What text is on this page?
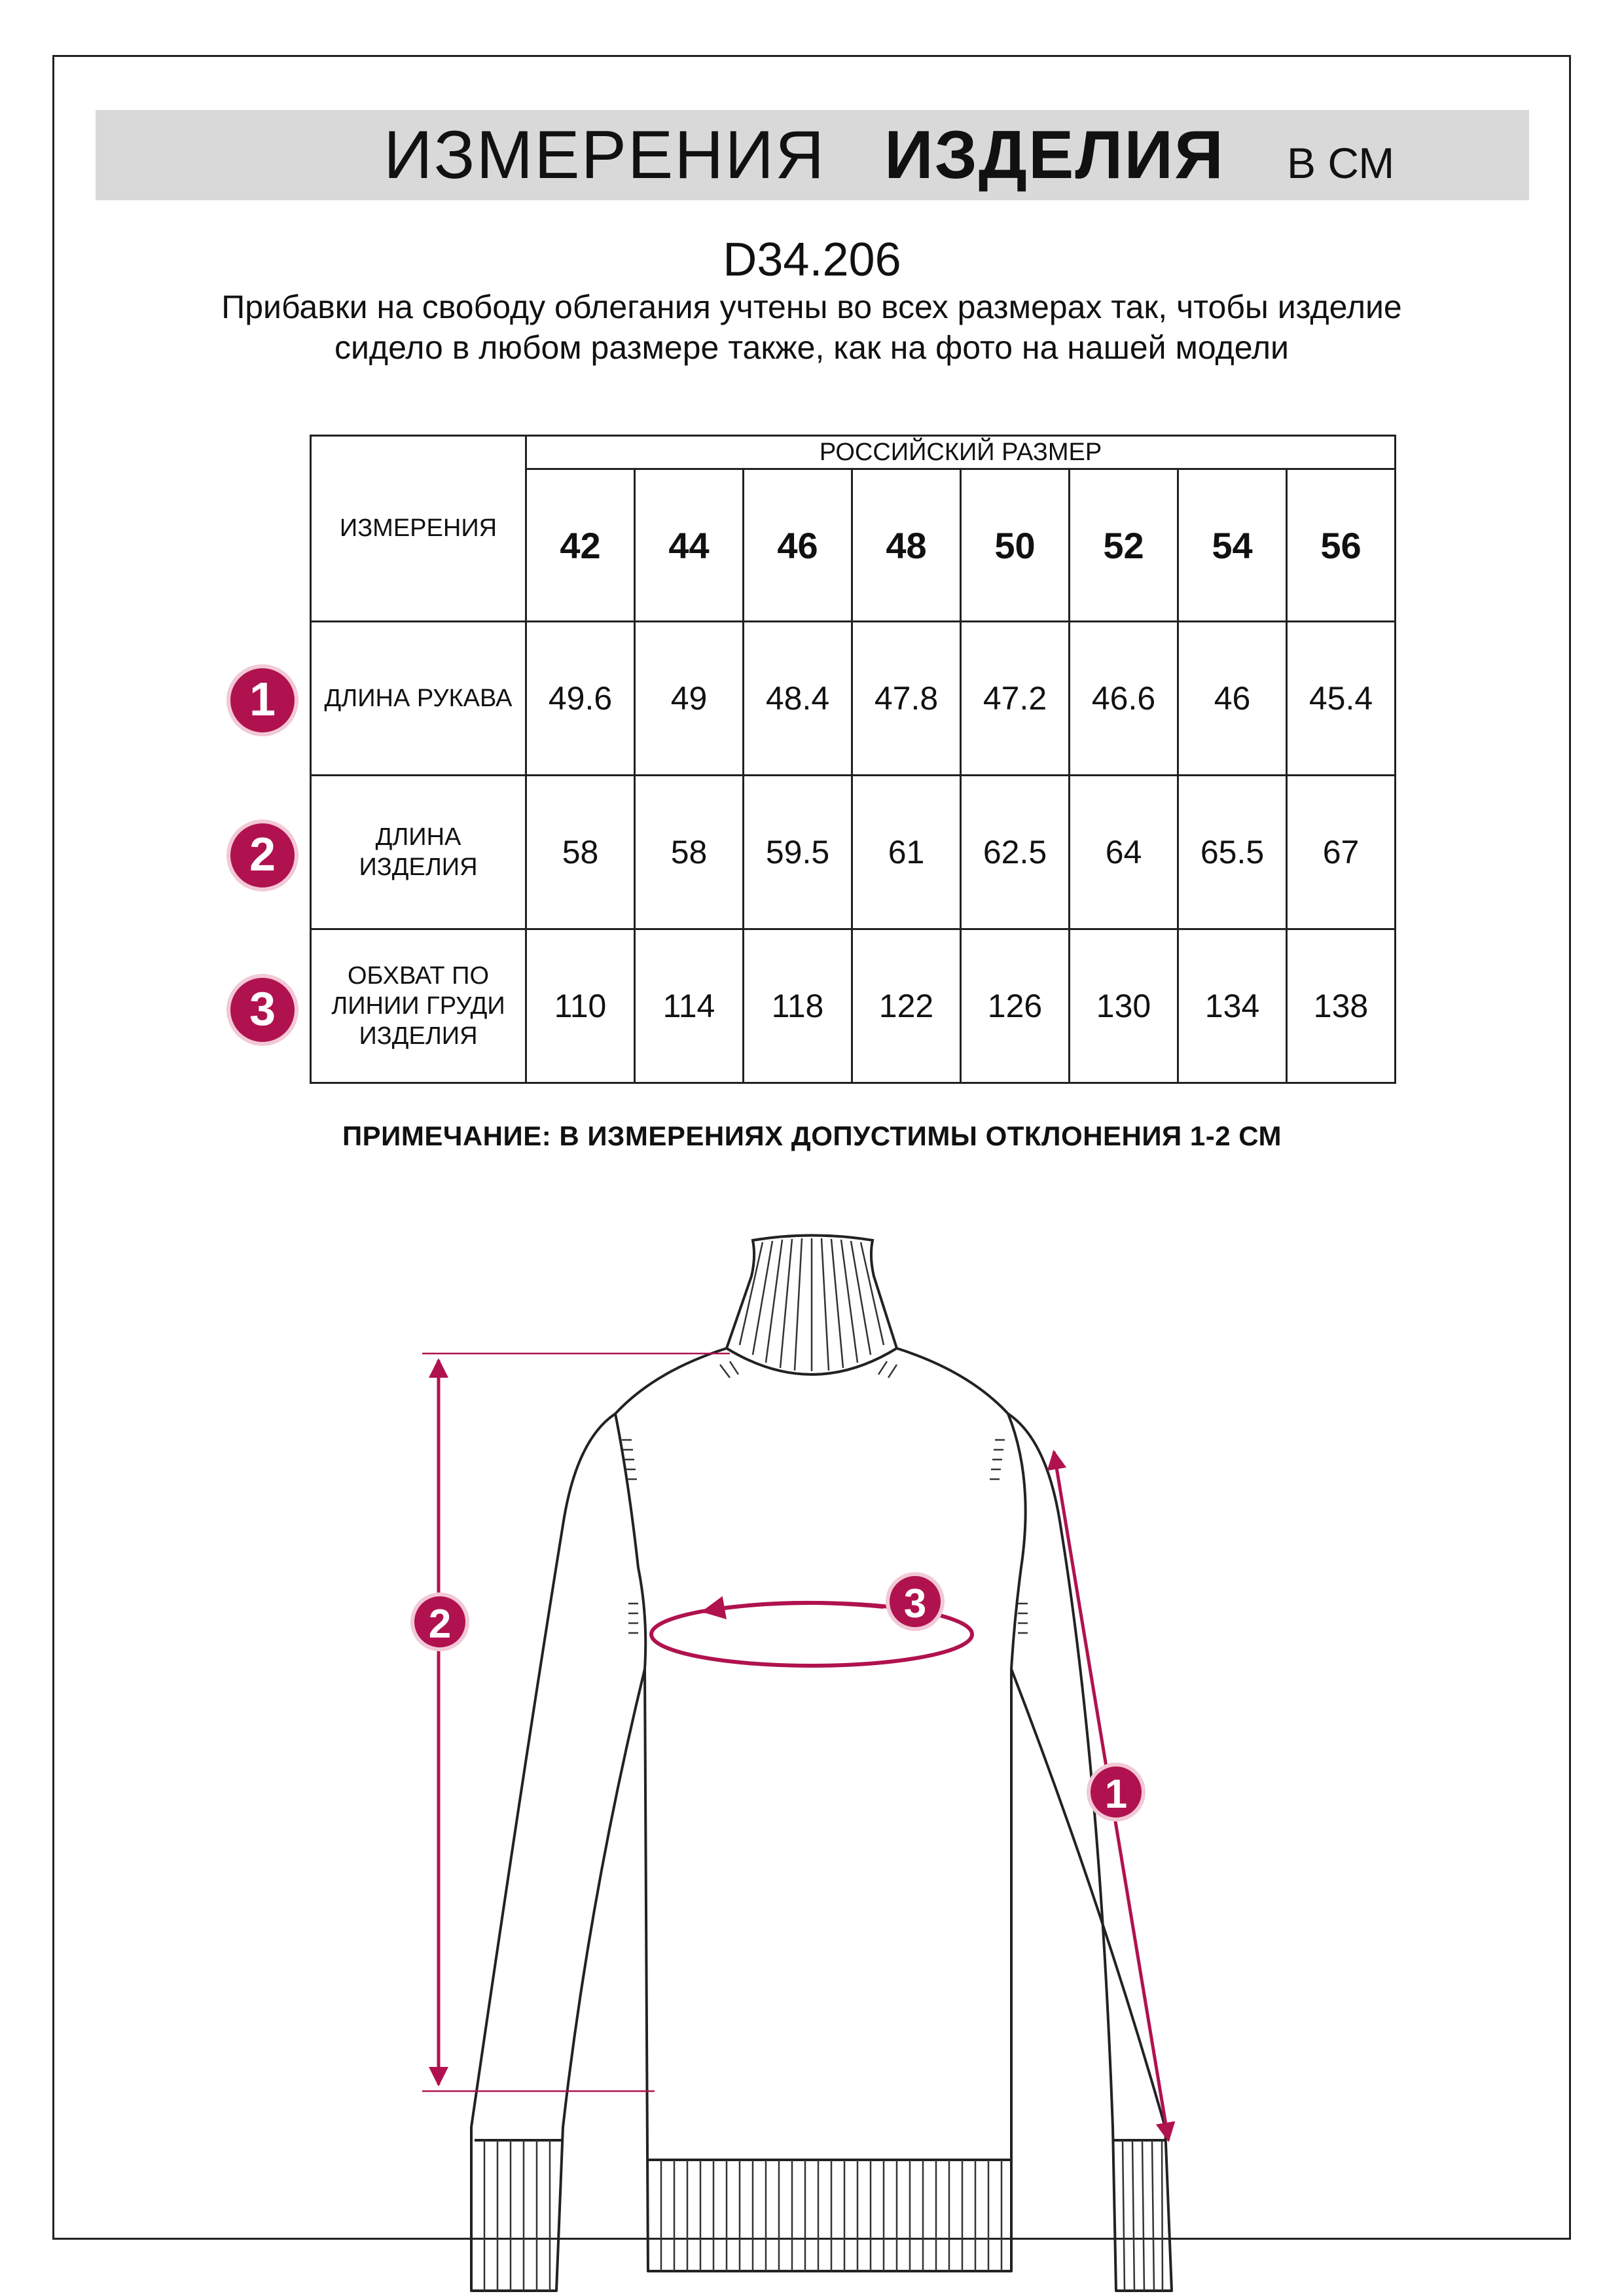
ИЗМЕРЕНИЯ ИЗДЕЛИЯ В СМ
D34.206
Прибавки на свободу облегания учтены во всех размерах так, чтобы изделие сидело в любом размере также, как на фото на нашей модели
ИЗМЕРЕНИЯ	РОССИЙСКИЙ РАЗМЕР							
	42	44	46	48	50	52	54	56
ДЛИНА РУКАВА	49.6	49	48.4	47.8	47.2	46.6	46	45.4
ДЛИНА ИЗДЕЛИЯ	58	58	59.5	61	62.5	64	65.5	67
ОБХВАТ ПО ЛИНИИ ГРУДИ ИЗДЕЛИЯ	110	114	118	122	126	130	134	138
1
2
3
ПРИМЕЧАНИЕ: В ИЗМЕРЕНИЯХ ДОПУСТИМЫ ОТКЛОНЕНИЯ 1-2 СМ
2	3
1
